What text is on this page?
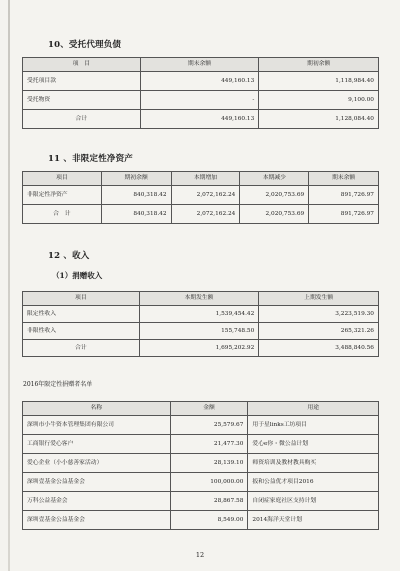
10、受托代理负债
项　目	期末余额	期初余额
受托项目款	449,160.13	1,118,984.40
受托物资	-	9,100.00
合计	449,160.13	1,128,084.40
11 、非限定性净资产
项目	期初余额	本期增加	本期减少	期末余额
非限定性净资产	840,318.42	2,072,162.24	2,020,753.69	891,726.97
合　计	840,318.42	2,072,162.24	2,020,753.69	891,726.97
12 、收入
（1）捐赠收入
项目	本期发生额	上期发生额
限定性收入	1,539,454.42	3,223,519.30
非限性收入	155,748.50	265,321.26
合计	1,695,202.92	3,488,840.56
2016年限定性捐赠者名单
名称	金额	用途
深圳市小牛资本管理集团有限公司	25,579.67	用于星links工坊项目
工商银行爱心客户	21,477.30	爱心e你・微公益计划
爱心企业（小小慈善家活动）	28,139.10	师资培训及教材教具购买
深圳壹基金公益基金会	100,000.00	扳和公益优才项目2016
万科公益基金会	28,867.58	自闭症家庭社区支持计划
深圳壹基金公益基金会	8,549.00	2014海洋天堂计划
12
